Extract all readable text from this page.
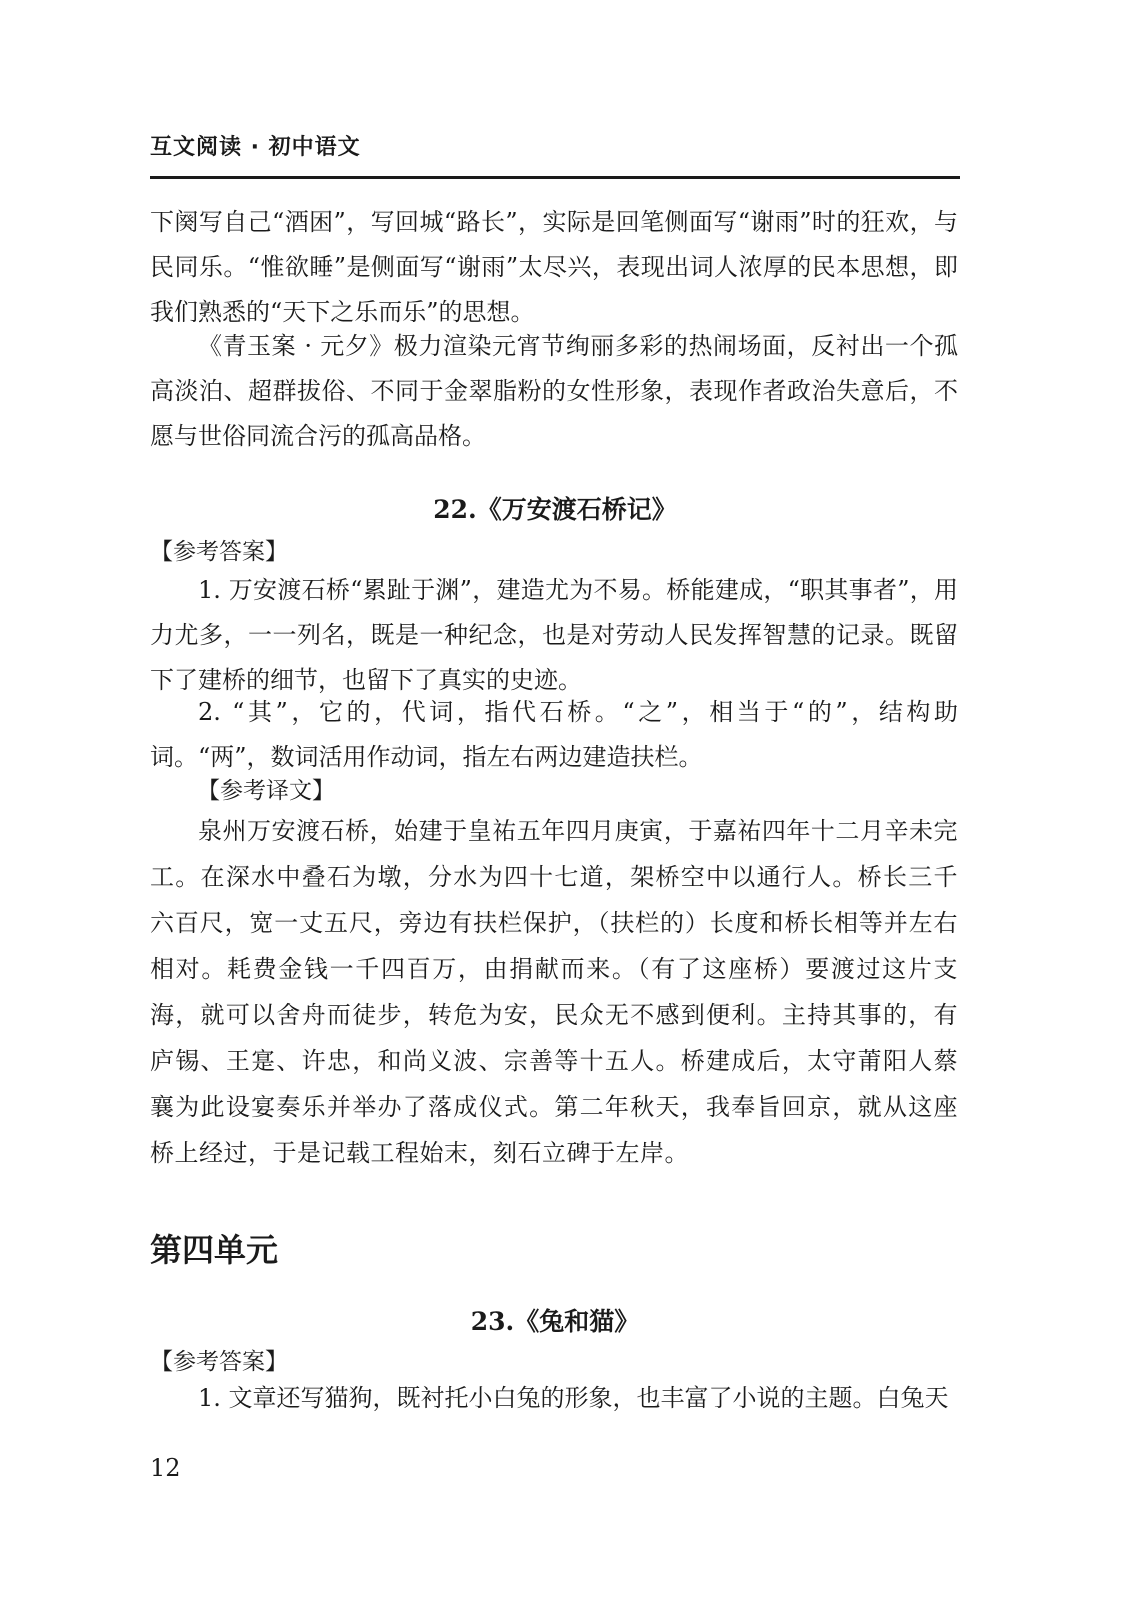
互文阅读 · 初中语文

下阕写自己“酒困”，写回城“路长”，实际是回笔侧面写“谢雨”时的狂欢，与民同乐。“惟欲睡”是侧面写“谢雨”太尽兴，表现出词人浓厚的民本思想，即我们熟悉的“天下之乐而乐”的思想。

《青玉案 · 元夕》极力渲染元宵节绚丽多彩的热闹场面，反衬出一个孤高淡泊、超群拔俗、不同于金翠脂粉的女性形象，表现作者政治失意后，不愿与世俗同流合污的孤高品格。

22.《万安渡石桥记》
【参考答案】

1. 万安渡石桥“累趾于渊”，建造尤为不易。桥能建成，“职其事者”，用力尤多，一一列名，既是一种纪念，也是对劳动人民发挥智慧的记录。既留下了建桥的细节，也留下了真实的史迹。

2. “其”，它的，代词，指代石桥。“之”，相当于“的”，结构助词。“两”，数词活用作动词，指左右两边建造扶栏。

【参考译文】

泉州万安渡石桥，始建于皇祐五年四月庚寅，于嘉祐四年十二月辛未完工。在深水中叠石为墩，分水为四十七道，架桥空中以通行人。桥长三千六百尺，宽一丈五尺，旁边有扶栏保护，（扶栏的）长度和桥长相等并左右相对。耗费金钱一千四百万，由捐献而来。（有了这座桥）要渡过这片支海，就可以舍舟而徒步，转危为安，民众无不感到便利。主持其事的，有庐锡、王寔、许忠，和尚义波、宗善等十五人。桥建成后，太守莆阳人蔡襄为此设宴奏乐并举办了落成仪式。第二年秋天，我奉旨回京，就从这座桥上经过，于是记载工程始末，刻石立碑于左岸。

第四单元
23.《兔和猫》
【参考答案】

1. 文章还写猫狗，既衬托小白兔的形象，也丰富了小说的主题。白兔天

12
